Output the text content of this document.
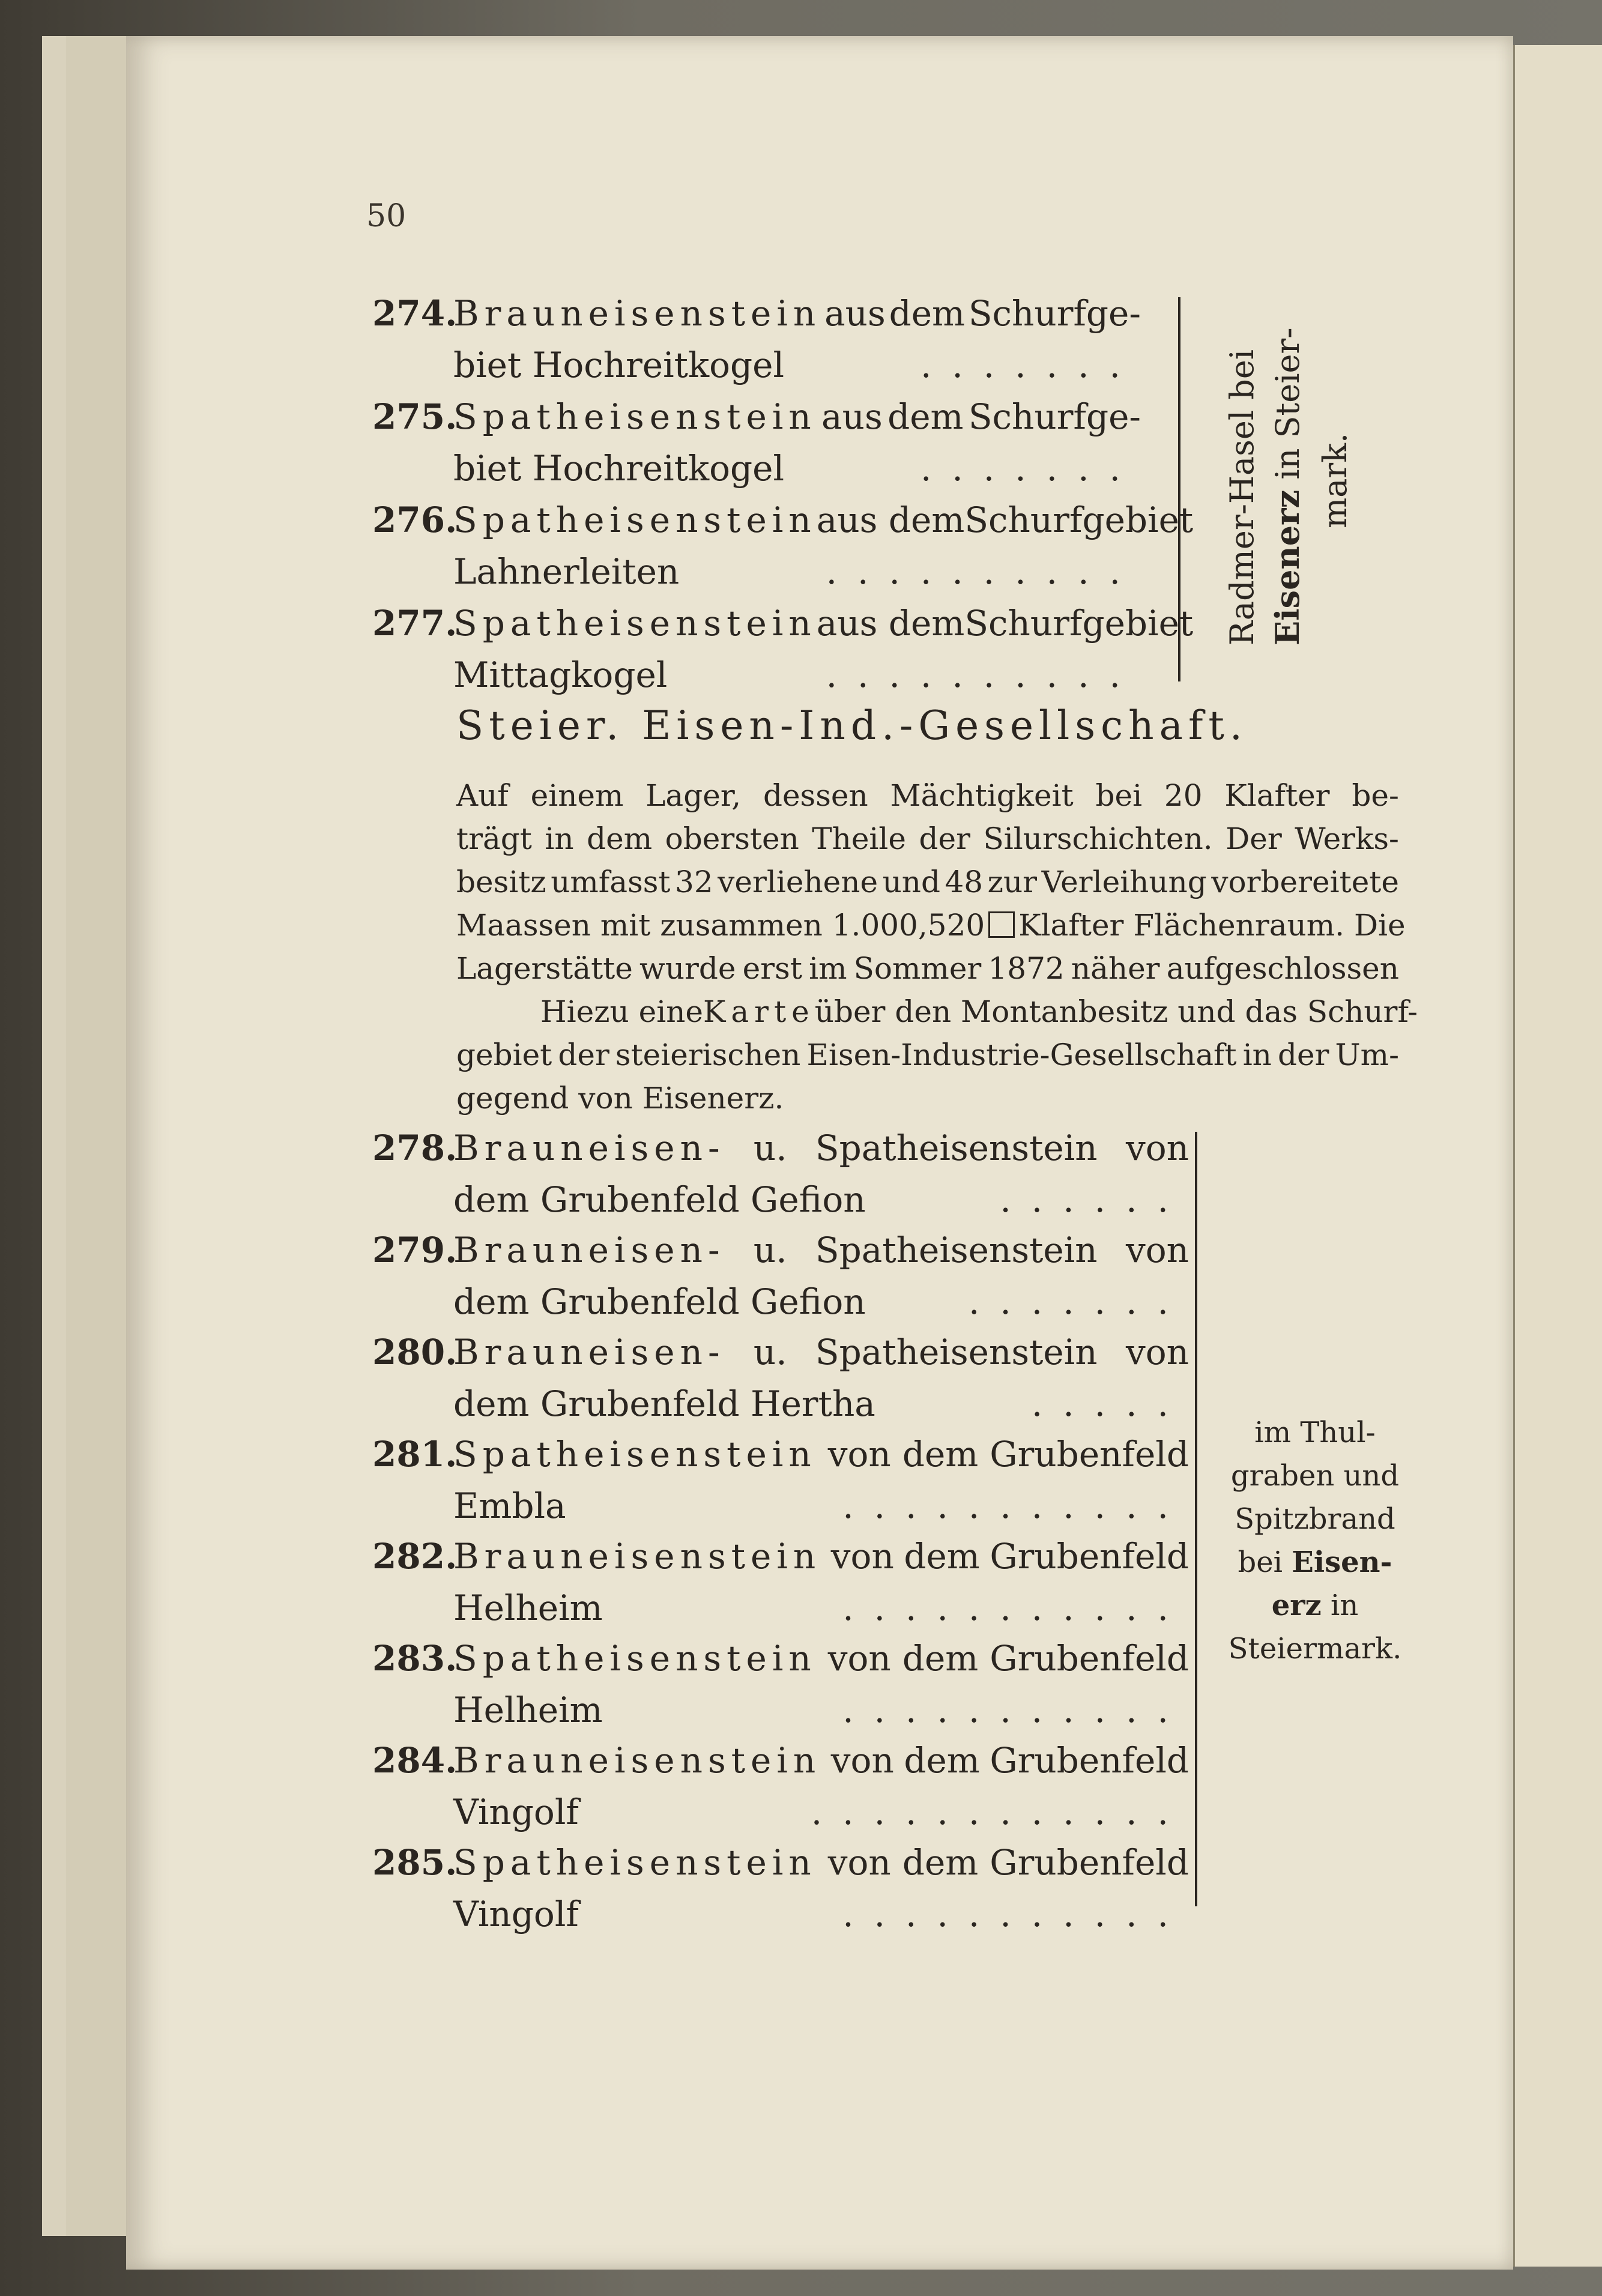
50
274.
Brauneisenstein aus dem Schurfge-
biet Hochreitkogel	.......
275.
Spatheisenstein aus dem Schurfge-
biet Hochreitkogel	.......
276.
Spatheisenstein aus dem Schurfgebiet
Lahnerleiten	..........
277.
Spatheisenstein aus dem Schurfgebiet
Mittagkogel	..........
Radmer-Hasel bei Eisenerz in Steier- mark.
Steier. Eisen-Ind.-Gesellschaft.
Auf einem Lager, dessen Mächtigkeit bei 20 Klafter be-
trägt in dem obersten Theile der Silurschichten. Der Werks-
besitz umfasst 32 verliehene und 48 zur Verleihung vorbereitete
Maassen mit zusammen 1.000,520	Klafter Flächenraum. Die
Lagerstätte wurde erst im Sommer 1872 näher aufgeschlossen
Hiezu eine Karte über den Montanbesitz und das Schurf-
gebiet der steierischen Eisen-Industrie-Gesellschaft in der Um-
gegend von Eisenerz.
278.
Brauneisen- u. Spatheisenstein von
dem Grubenfeld Gefion	......
279.
Brauneisen- u. Spatheisenstein von
dem Grubenfeld Gefion	.......
280.
Brauneisen- u. Spatheisenstein von
dem Grubenfeld Hertha	.....
281.
Spatheisenstein von dem Grubenfeld
Embla	...........
282.
Brauneisenstein von dem Grubenfeld
Helheim	...........
283.
Spatheisenstein von dem Grubenfeld
Helheim	...........
284.
Brauneisenstein von dem Grubenfeld
Vingolf	............
285.
Spatheisenstein von dem Grubenfeld
Vingolf	...........
im Thul-
graben und
Spitzbrand
bei Eisen-
erz in
Steiermark.
